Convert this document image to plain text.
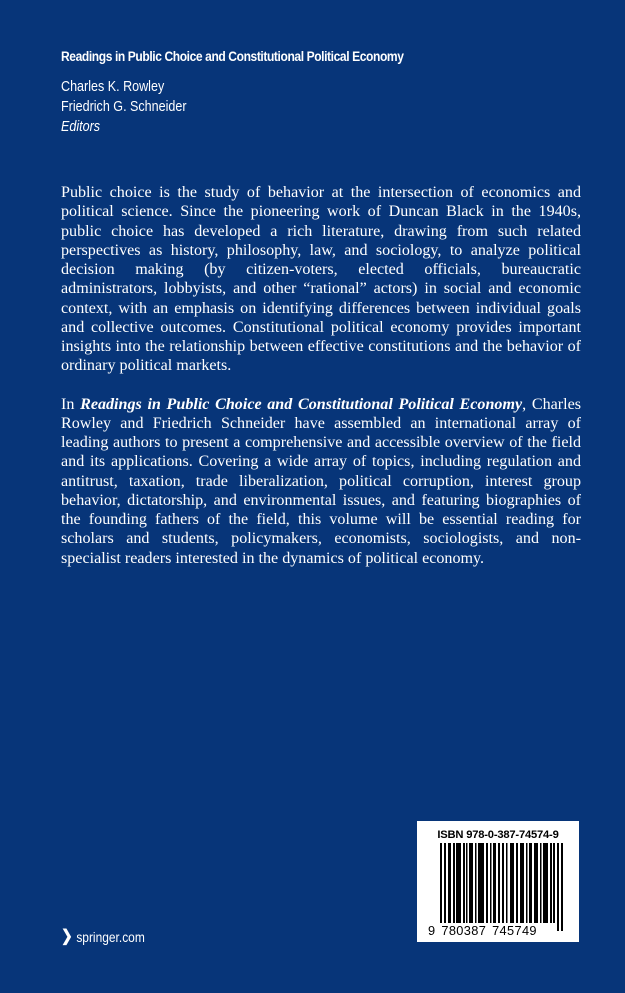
Readings in Public Choice and Constitutional Political Economy
Charles K. Rowley
Friedrich G. Schneider
Editors

Public choice is the study of behavior at the intersection of economics and political science. Since the pioneering work of Duncan Black in the 1940s, public choice has developed a rich literature, drawing from such related perspectives as history, philosophy, law, and sociology, to analyze political decision making (by citizen-voters, elected officials, bureaucratic administrators, lobbyists, and other “rational” actors) in social and economic context, with an emphasis on identifying differences between individual goals and collective outcomes. Constitutional political economy provides important insights into the relationship between effective constitutions and the behavior of ordinary political markets.

In Readings in Public Choice and Constitutional Political Economy, Charles Rowley and Friedrich Schneider have assembled an international array of leading authors to present a comprehensive and accessible overview of the field and its applications. Covering a wide array of topics, including regulation and antitrust, taxation, trade liberalization, political corruption, interest group behavior, dictatorship, and environmental issues, and featuring biographies of the founding fathers of the field, this volume will be essential reading for scholars and students, policymakers, economists, sociologists, and non-specialist readers interested in the dynamics of political economy.

❯ springer.com
ISBN 978-0-387-74574-9
9 780387 745749
